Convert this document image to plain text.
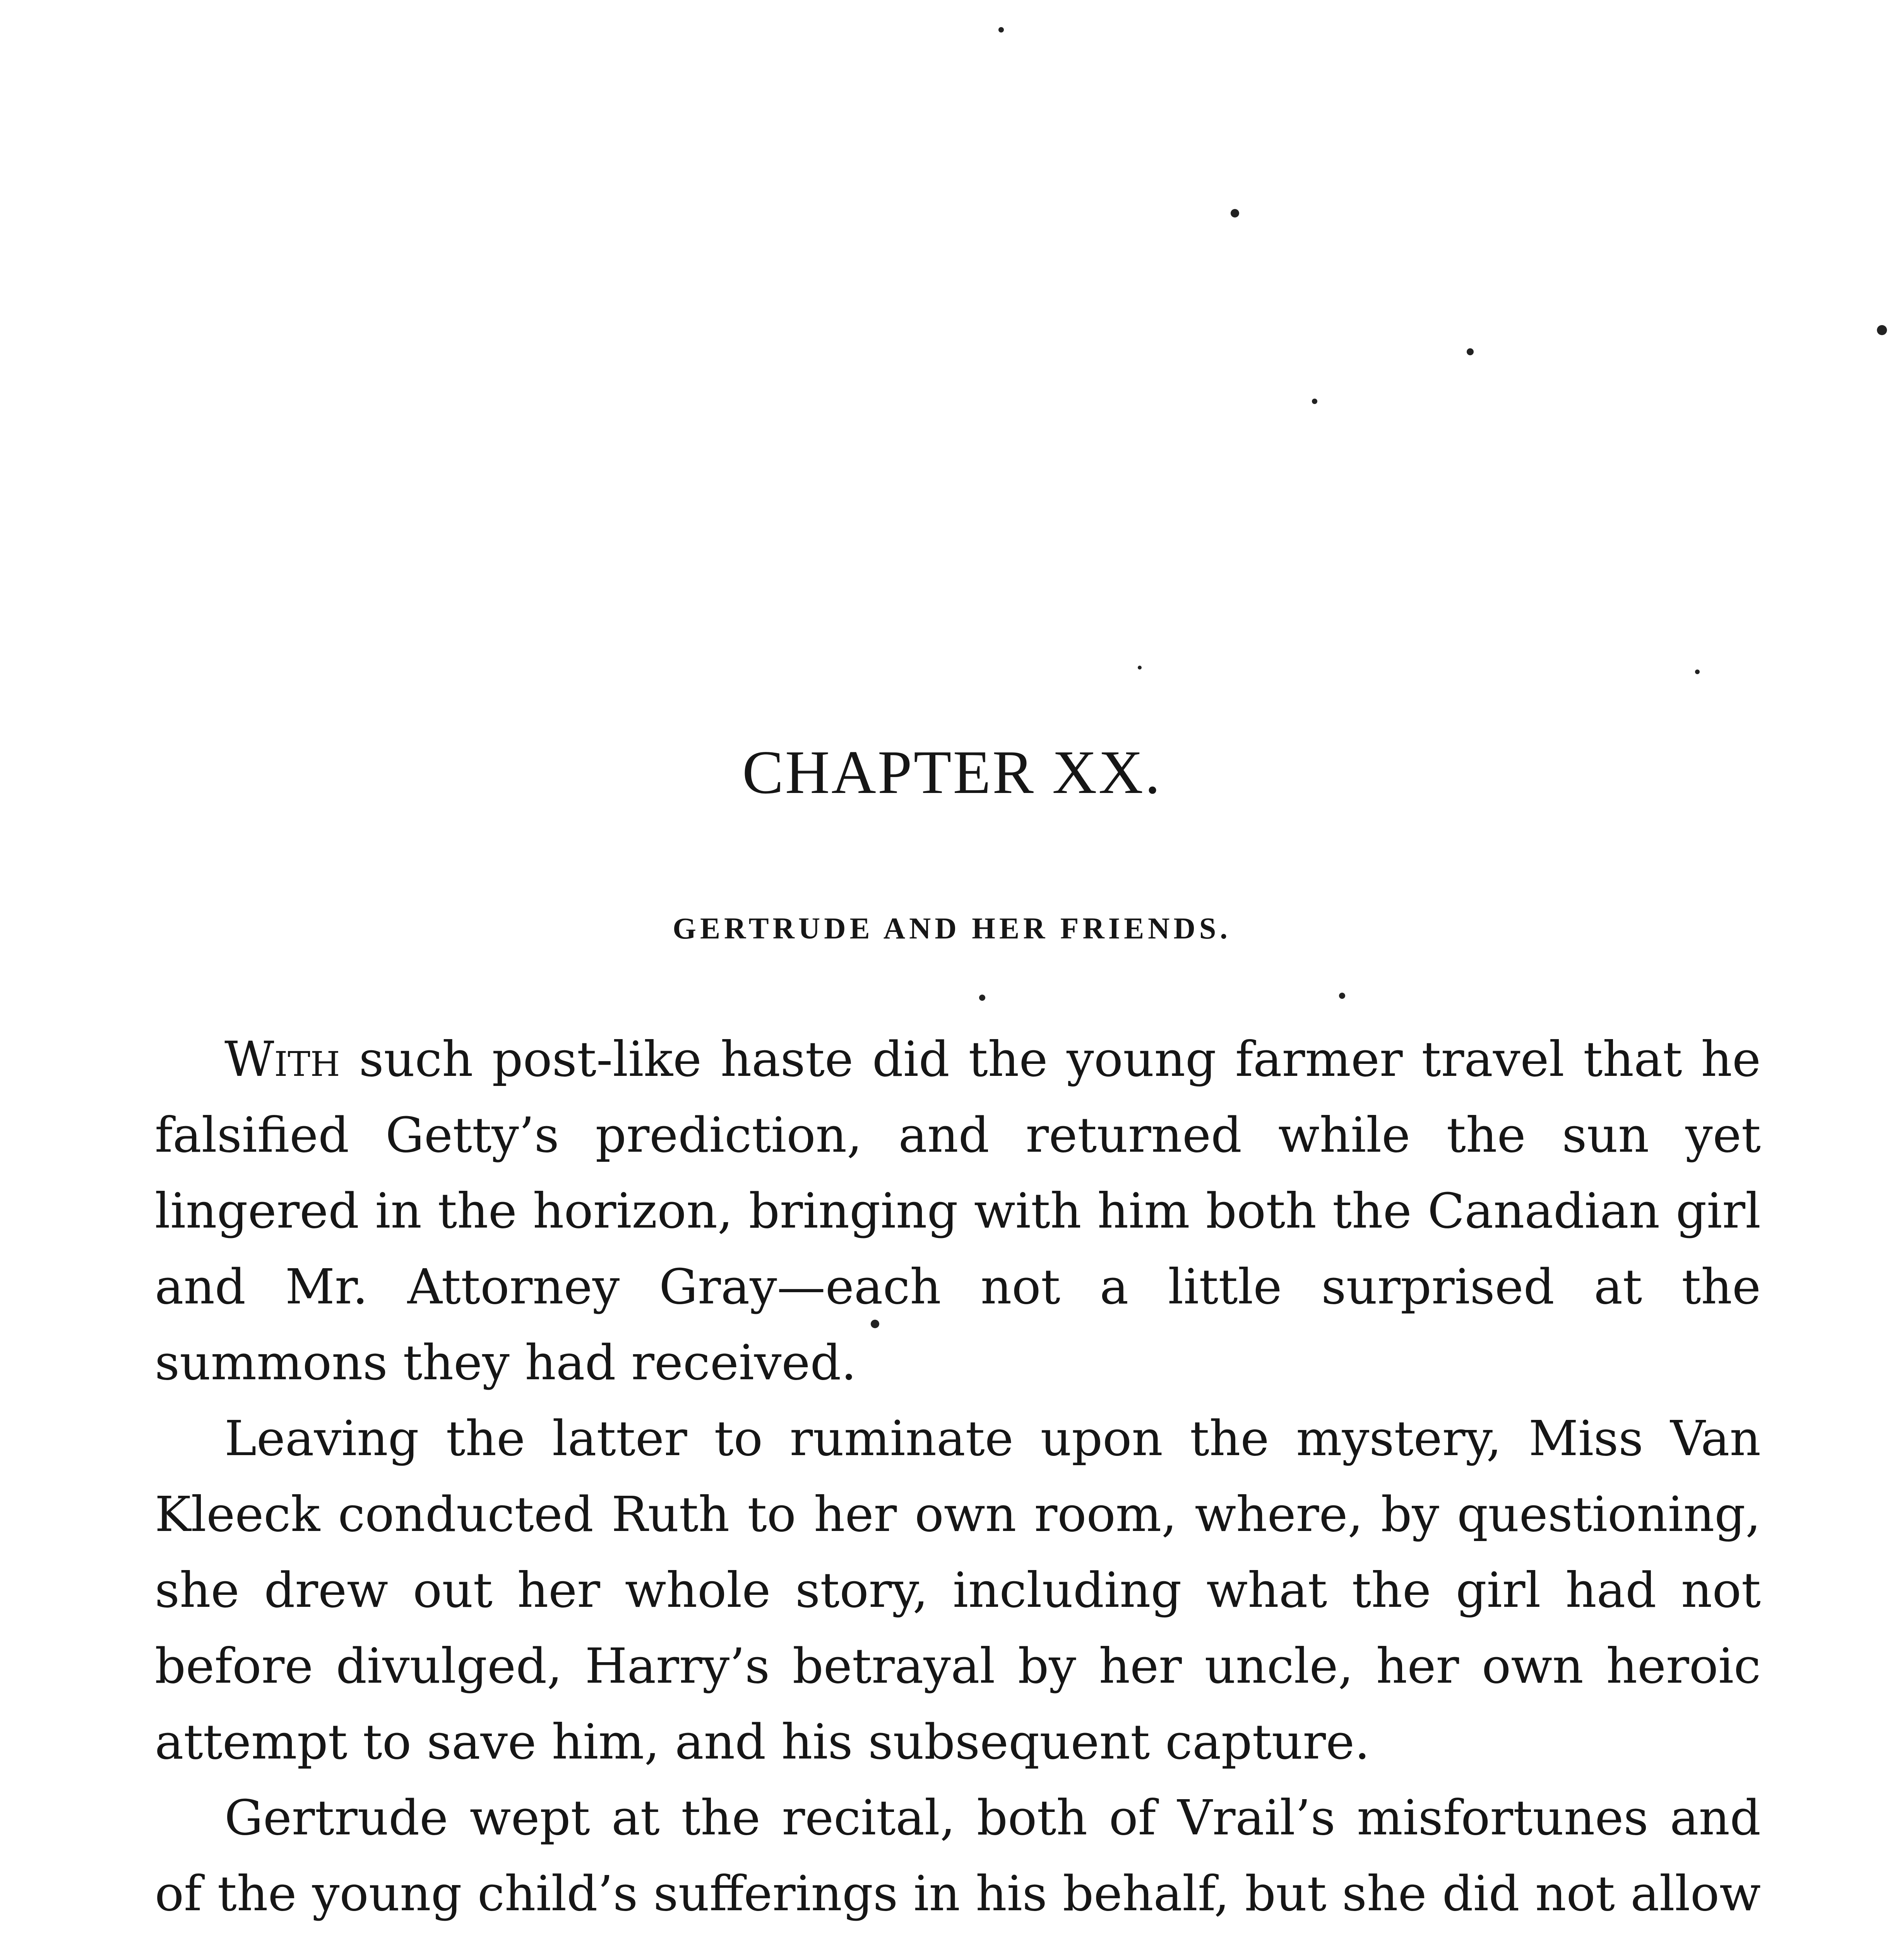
CHAPTER XX.
GERTRUDE AND HER FRIENDS.

With such post-like haste did the young farmer travel that he falsified Getty’s prediction, and returned while the sun yet lingered in the horizon, bringing with him both the Canadian girl and Mr. Attorney Gray—each not a little surprised at the summons they had received.

Leaving the latter to ruminate upon the mystery, Miss Van Kleeck conducted Ruth to her own room, where, by questioning, she drew out her whole story, including what the girl had not before divulged, Harry’s betrayal by her uncle, her own heroic attempt to save him, and his subsequent capture.

Gertrude wept at the recital, both of Vrail’s misfortunes and of the young child’s sufferings in his behalf, but she did not allow
